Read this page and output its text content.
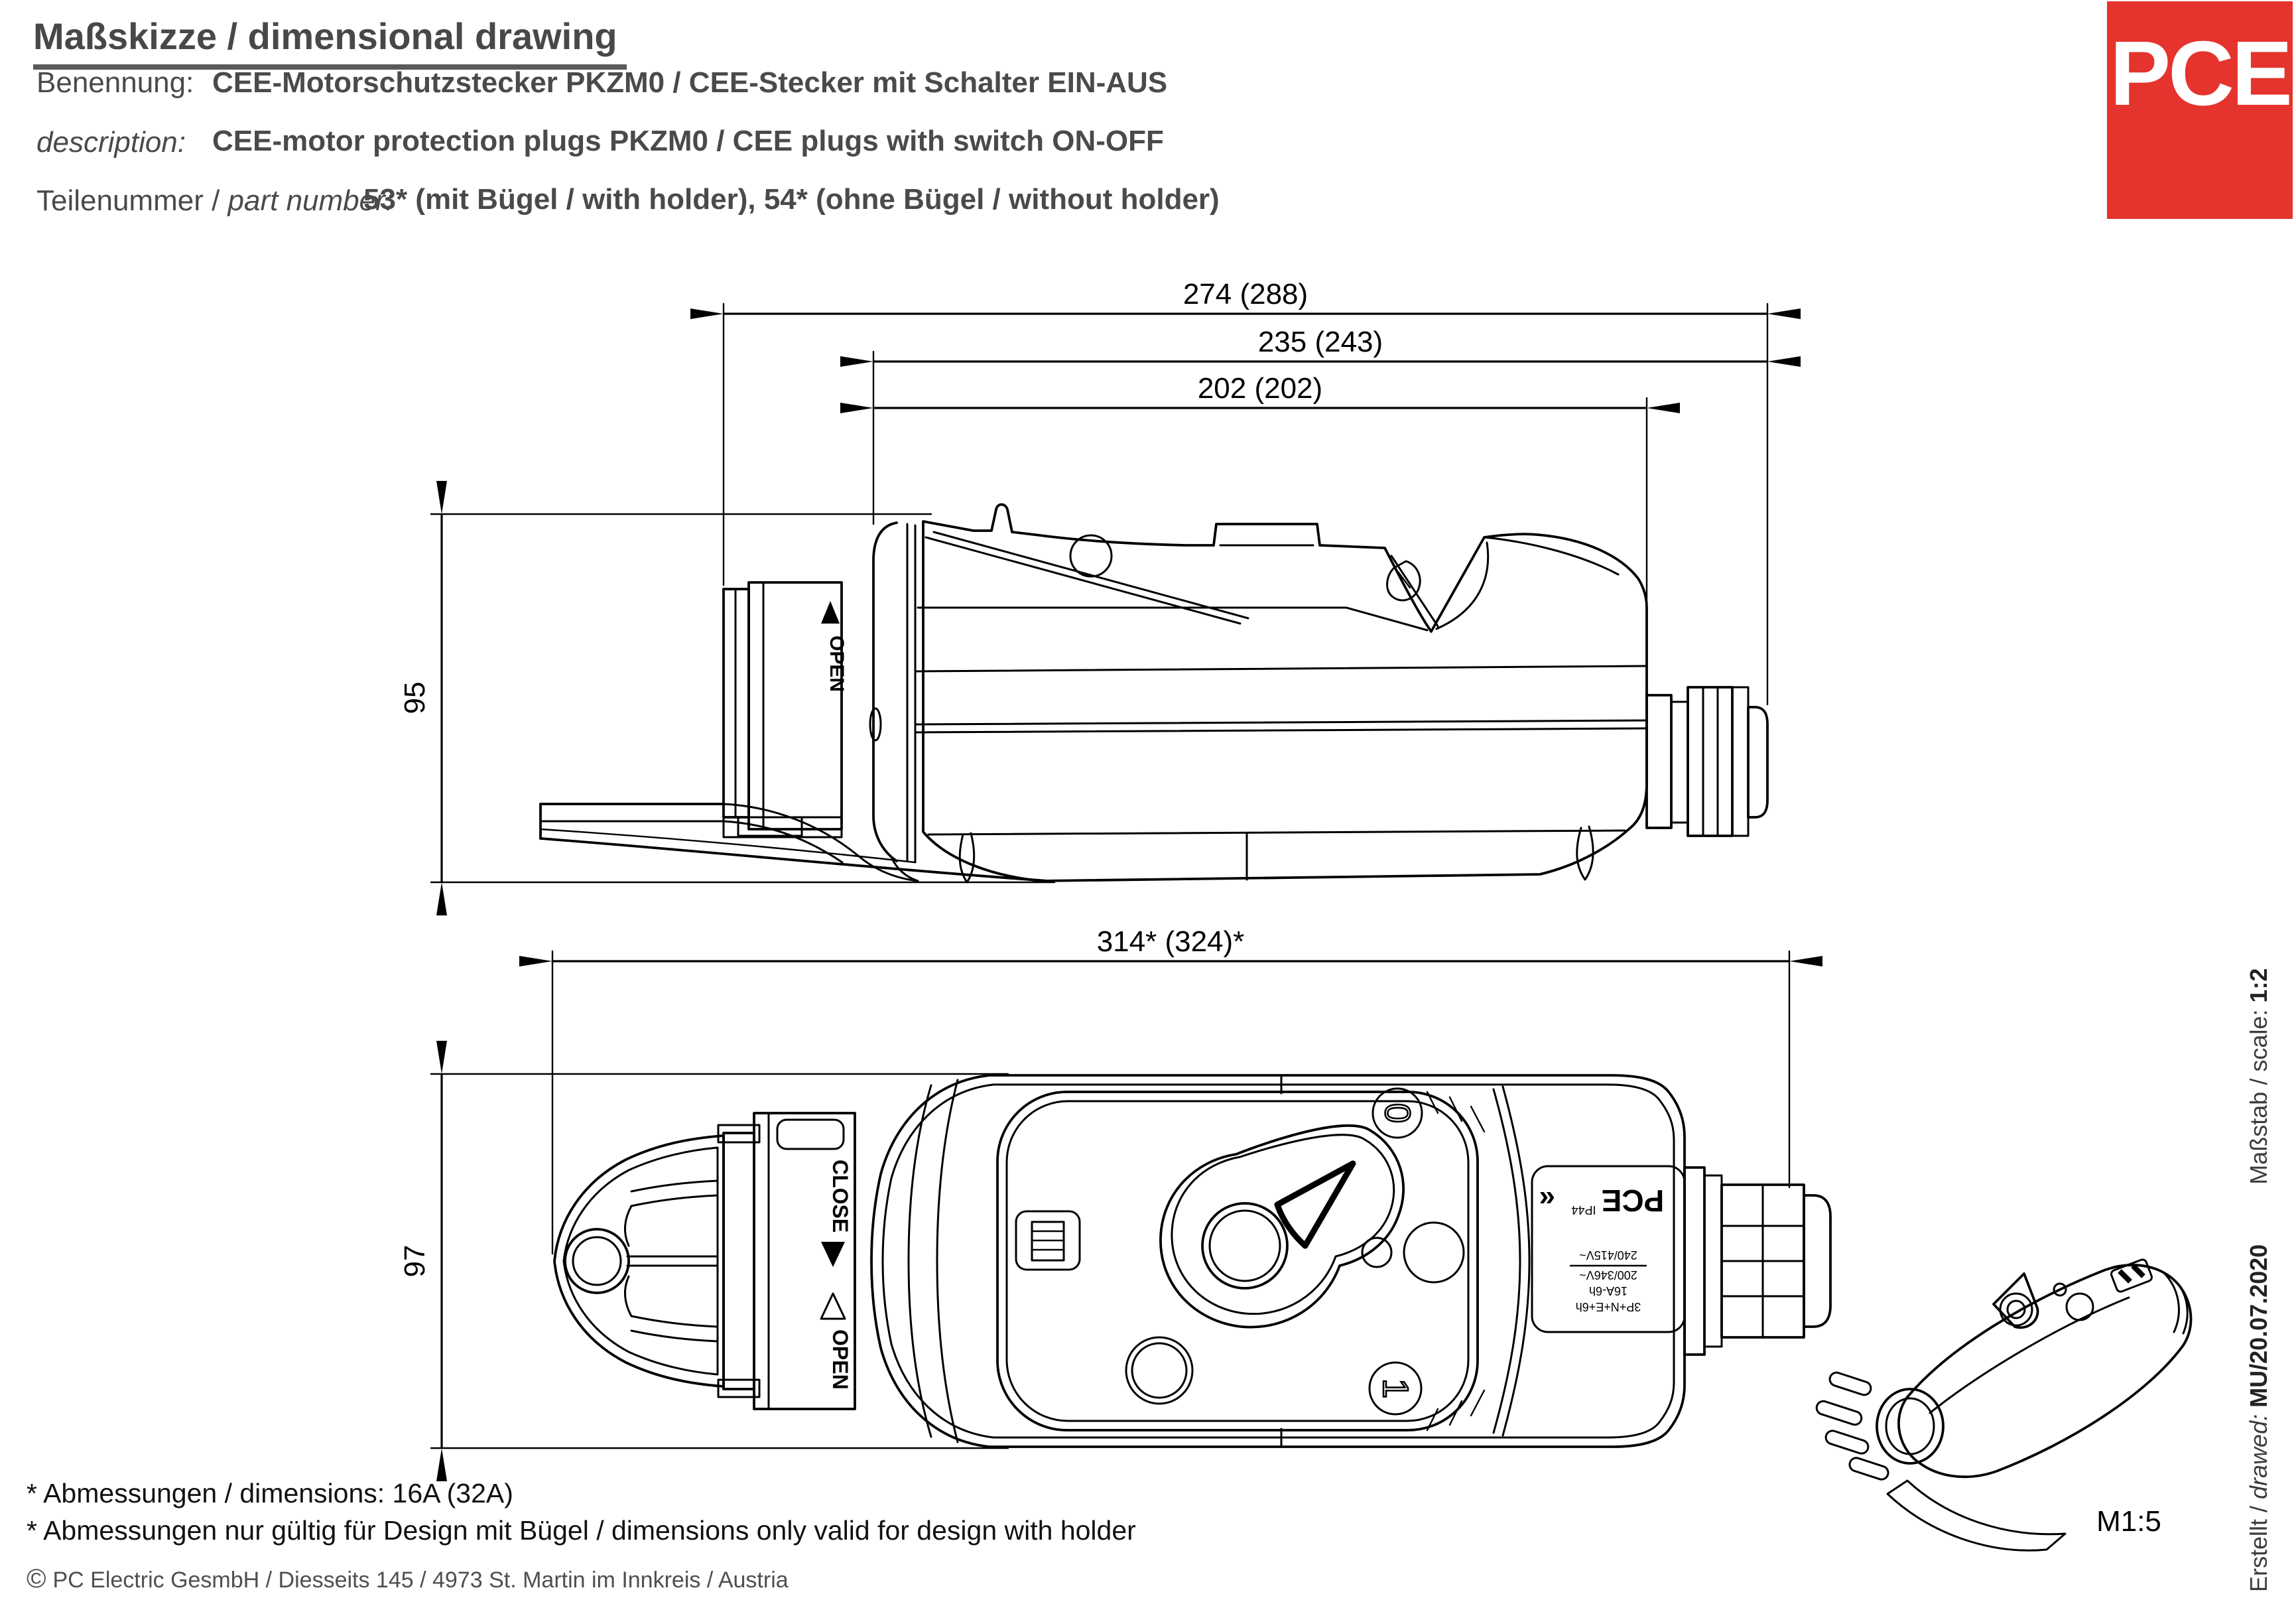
Maßskizze / dimensional drawing
Benennung: CEE-Motorschutzstecker PKZM0 / CEE-Stecker mit Schalter EIN-AUS
description: CEE-motor protection plugs PKZM0 / CEE plugs with switch ON-OFF
Teilenummer / part number:
53* (mit Bügel / with holder), 54* (ohne Bügel / without holder)
PCE
274 (288)
235 (243)
202 (202)
95
OPEN
314* (324)*
97
CLOSE
OPEN
0
1
3P+N+E+6h
16A-6h
200/346V~
240/415V~
PCE
IP44
«
M1:5	Erstellt / drawed: MU/20.07.2020Maßstab / scale: 1:2
* Abmessungen / dimensions: 16A (32A)
* Abmessungen nur gültig für Design mit Bügel / dimensions only valid for design with holder
© PC Electric GesmbH / Diesseits 145 / 4973 St. Martin im Innkreis / Austria
